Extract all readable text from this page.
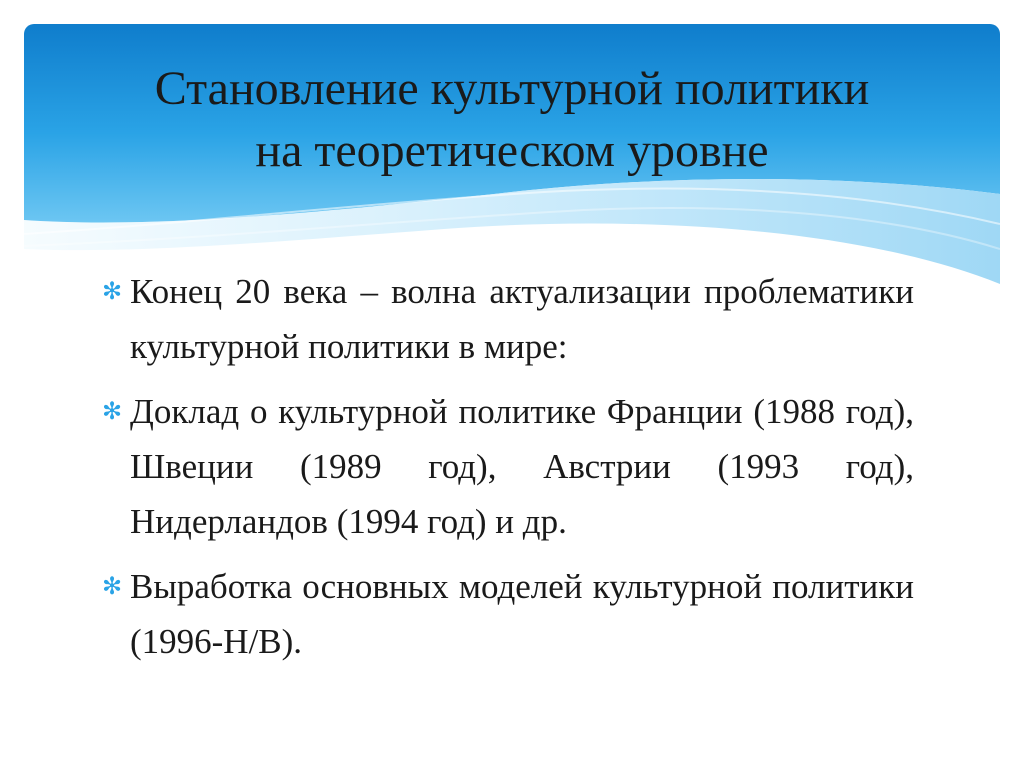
Становление культурной политики
на теоретическом уровне
✻ Конец 20 века – волна актуализации проблематики культурной политики в мире:
✻ Доклад о культурной политике Франции (1988 год), Швеции (1989 год), Австрии (1993 год), Нидерландов (1994 год) и др.
✻ Выработка основных моделей культурной политики (1996-Н/В).
